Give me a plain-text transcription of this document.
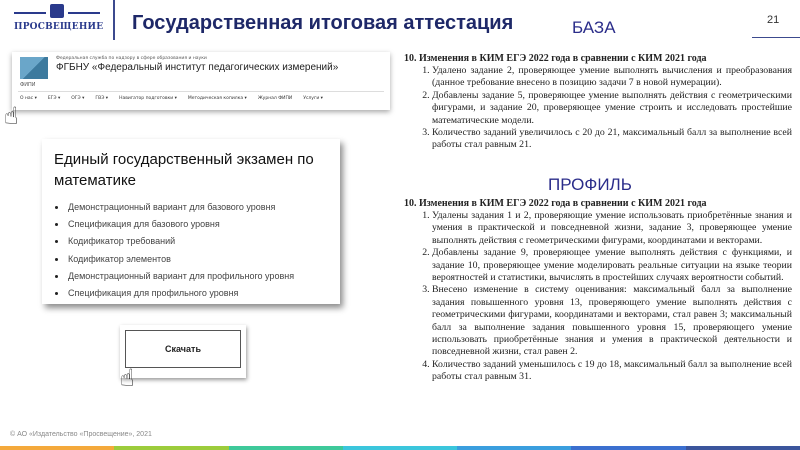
ПРОСВЕЩЕНИЕ Государственная итоговая аттестация	БАЗА	21
Федеральная служба по надзору в сфере образования и науки
ФГБНУ «Федеральный институт педагогических измерений»
ФИПИ
О нас ▾ ЕГЭ ▾ ОГЭ ▾ ГВЭ ▾ Навигатор подготовки ▾ Методическая копилка ▾ Журнал ФИПИ Услуги ▾
☝
Единый государственный экзамен по математике
Демонстрационный вариант для базового уровня
Спецификация для базового уровня
Кодификатор требований
Кодификатор элементов
Демонстрационный вариант для профильного уровня
Спецификация для профильного уровня
Скачать
☝
10. Изменения в КИМ ЕГЭ 2022 года в сравнении с КИМ 2021 года
1. Удалено задание 2, проверяющее умение выполнять вычисления и преобразования (данное требование внесено в позицию задачи 7 в новой нумерации).
2. Добавлены задание 5, проверяющее умение выполнять действия с геометрическими фигурами, и задание 20, проверяющее умение строить и исследовать простейшие математические модели.
3. Количество заданий увеличилось с 20 до 21, максимальный балл за выполнение всей работы стал равным 21.
ПРОФИЛЬ
10. Изменения в КИМ ЕГЭ 2022 года в сравнении с КИМ 2021 года
1. Удалены задания 1 и 2, проверяющие умение использовать приобретённые знания и умения в практической и повседневной жизни, задание 3, проверяющее умение выполнять действия с геометрическими фигурами, координатами и векторами.
2. Добавлены задание 9, проверяющее умение выполнять действия с функциями, и задание 10, проверяющее умение моделировать реальные ситуации на языке теории вероятностей и статистики, вычислять в простейших случаях вероятности событий.
3. Внесено изменение в систему оценивания: максимальный балл за выполнение задания повышенного уровня 13, проверяющего умение выполнять действия с геометрическими фигурами, координатами и векторами, стал равен 3; максимальный балл за выполнение задания повышенного уровня 15, проверяющего умение использовать приобретённые знания и умения в практической деятельности и повседневной жизни, стал равен 2.
4. Количество заданий уменьшилось с 19 до 18, максимальный балл за выполнение всей работы стал равным 31.
© АО «Издательство «Просвещение», 2021
